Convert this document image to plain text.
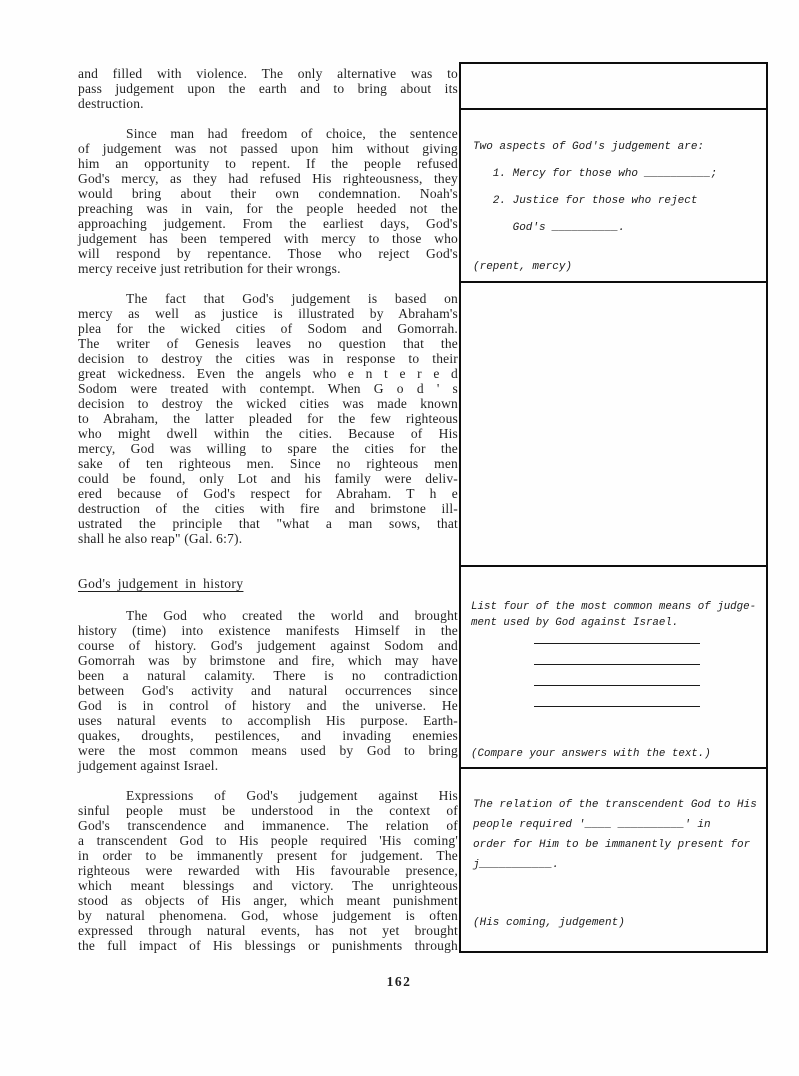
and filled with violence. The only alternative was to
pass judgement upon the earth and to bring about its
destruction.
Since man had freedom of choice, the sentence
of judgement was not passed upon him without giving
him an opportunity to repent. If the people refused
God's mercy, as they had refused His righteousness, they
would bring about their own condemnation. Noah's
preaching was in vain, for the people heeded not the
approaching judgement. From the earliest days, God's
judgement has been tempered with mercy to those who
will respond by repentance. Those who reject God's
mercy receive just retribution for their wrongs.
The fact that God's judgement is based on
mercy as well as justice is illustrated by Abraham's
plea for the wicked cities of Sodom and Gomorrah.
The writer of Genesis leaves no question that the
decision to destroy the cities was in response to their
great wickedness. Even the angels who e n t e r e d
Sodom were treated with contempt. When G o d ' s
decision to destroy the wicked cities was made known
to Abraham, the latter pleaded for the few righteous
who might dwell within the cities. Because of His
mercy, God was willing to spare the cities for the
sake of ten righteous men. Since no righteous men
could be found, only Lot and his family were deliv-
ered because of God's respect for Abraham. T h e
destruction of the cities with fire and brimstone ill-
ustrated the principle that "what a man sows, that
shall he also reap" (Gal. 6:7).
God's judgement in history
The God who created the world and brought
history (time) into existence manifests Himself in the
course of history. God's judgement against Sodom and
Gomorrah was by brimstone and fire, which may have
been a natural calamity. There is no contradiction
between God's activity and natural occurrences since
God is in control of history and the universe. He
uses natural events to accomplish His purpose. Earth-
quakes, droughts, pestilences, and invading enemies
were the most common means used by God to bring
judgement against Israel.
Expressions of God's judgement against His
sinful people must be understood in the context of
God's transcendence and immanence. The relation of
a transcendent God to His people required 'His coming'
in order to be immanently present for judgement. The
righteous were rewarded with His favourable presence,
which meant blessings and victory. The unrighteous
stood as objects of His anger, which meant punishment
by natural phenomena. God, whose judgement is often
expressed through natural events, has not yet brought
the full impact of His blessings or punishments through
Two aspects of God's judgement are:
1. Mercy for those who __________;
2. Justice for those who reject
God's __________.
(repent, mercy)
List four of the most common means of judge-
ment used by God against Israel.
(Compare your answers with the text.)
The relation of the transcendent God to His
people required '____ __________' in
order for Him to be immanently present for
j___________.
(His coming, judgement)
162
